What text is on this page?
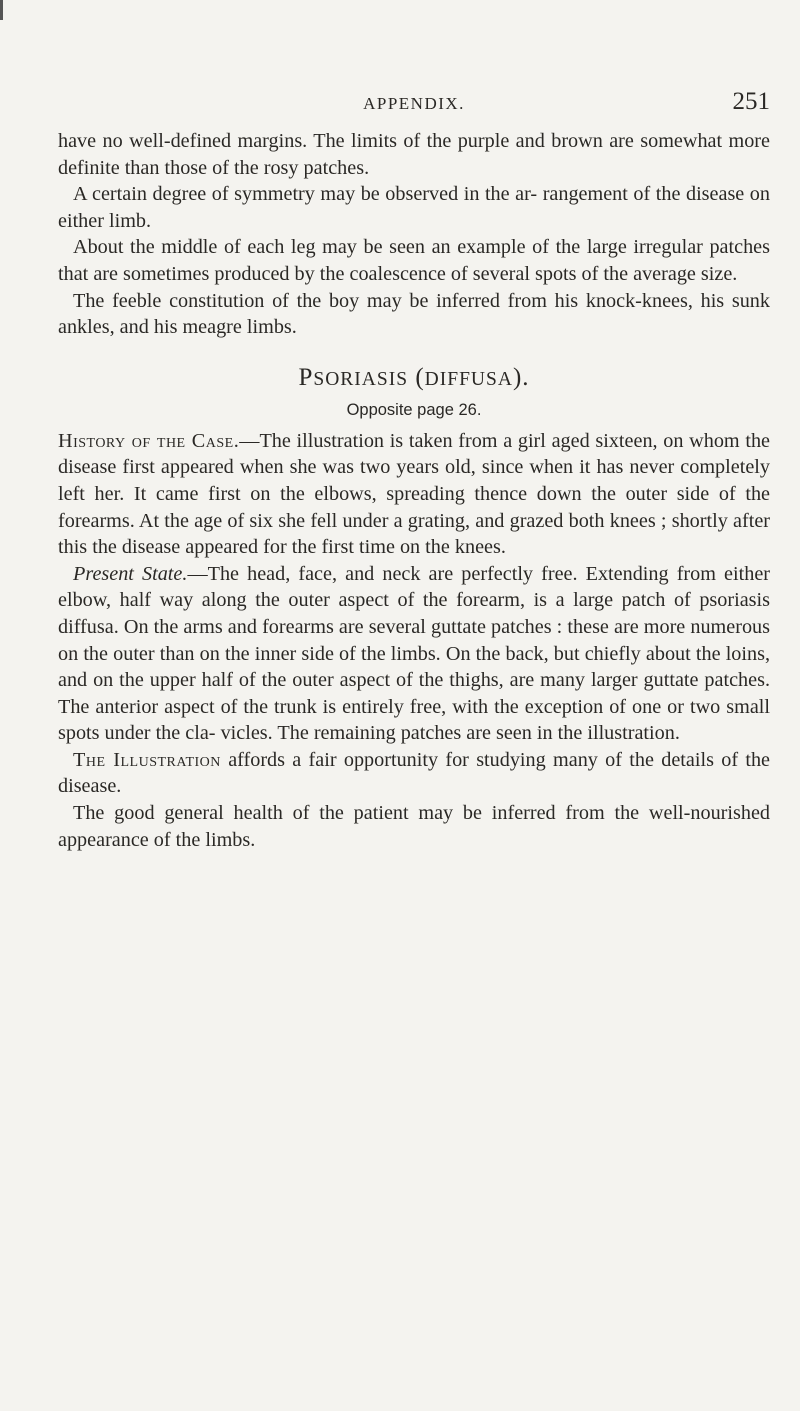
APPENDIX.	251

have no well-defined margins. The limits of the purple and brown are somewhat more definite than those of the rosy patches.

A certain degree of symmetry may be observed in the ar- rangement of the disease on either limb.

About the middle of each leg may be seen an example of the large irregular patches that are sometimes produced by the coalescence of several spots of the average size.

The feeble constitution of the boy may be inferred from his knock-knees, his sunk ankles, and his meagre limbs.

PSORIASIS (DIFFUSA).
Opposite page 26.

History of the Case.—The illustration is taken from a girl aged sixteen, on whom the disease first appeared when she was two years old, since when it has never completely left her. It came first on the elbows, spreading thence down the outer side of the forearms. At the age of six she fell under a grating, and grazed both knees ; shortly after this the disease appeared for the first time on the knees.

Present State.—The head, face, and neck are perfectly free. Extending from either elbow, half way along the outer aspect of the forearm, is a large patch of psoriasis diffusa. On the arms and forearms are several guttate patches : these are more numerous on the outer than on the inner side of the limbs. On the back, but chiefly about the loins, and on the upper half of the outer aspect of the thighs, are many larger guttate patches. The anterior aspect of the trunk is entirely free, with the exception of one or two small spots under the cla- vicles. The remaining patches are seen in the illustration.

The Illustration affords a fair opportunity for studying many of the details of the disease.

The good general health of the patient may be inferred from the well-nourished appearance of the limbs.
